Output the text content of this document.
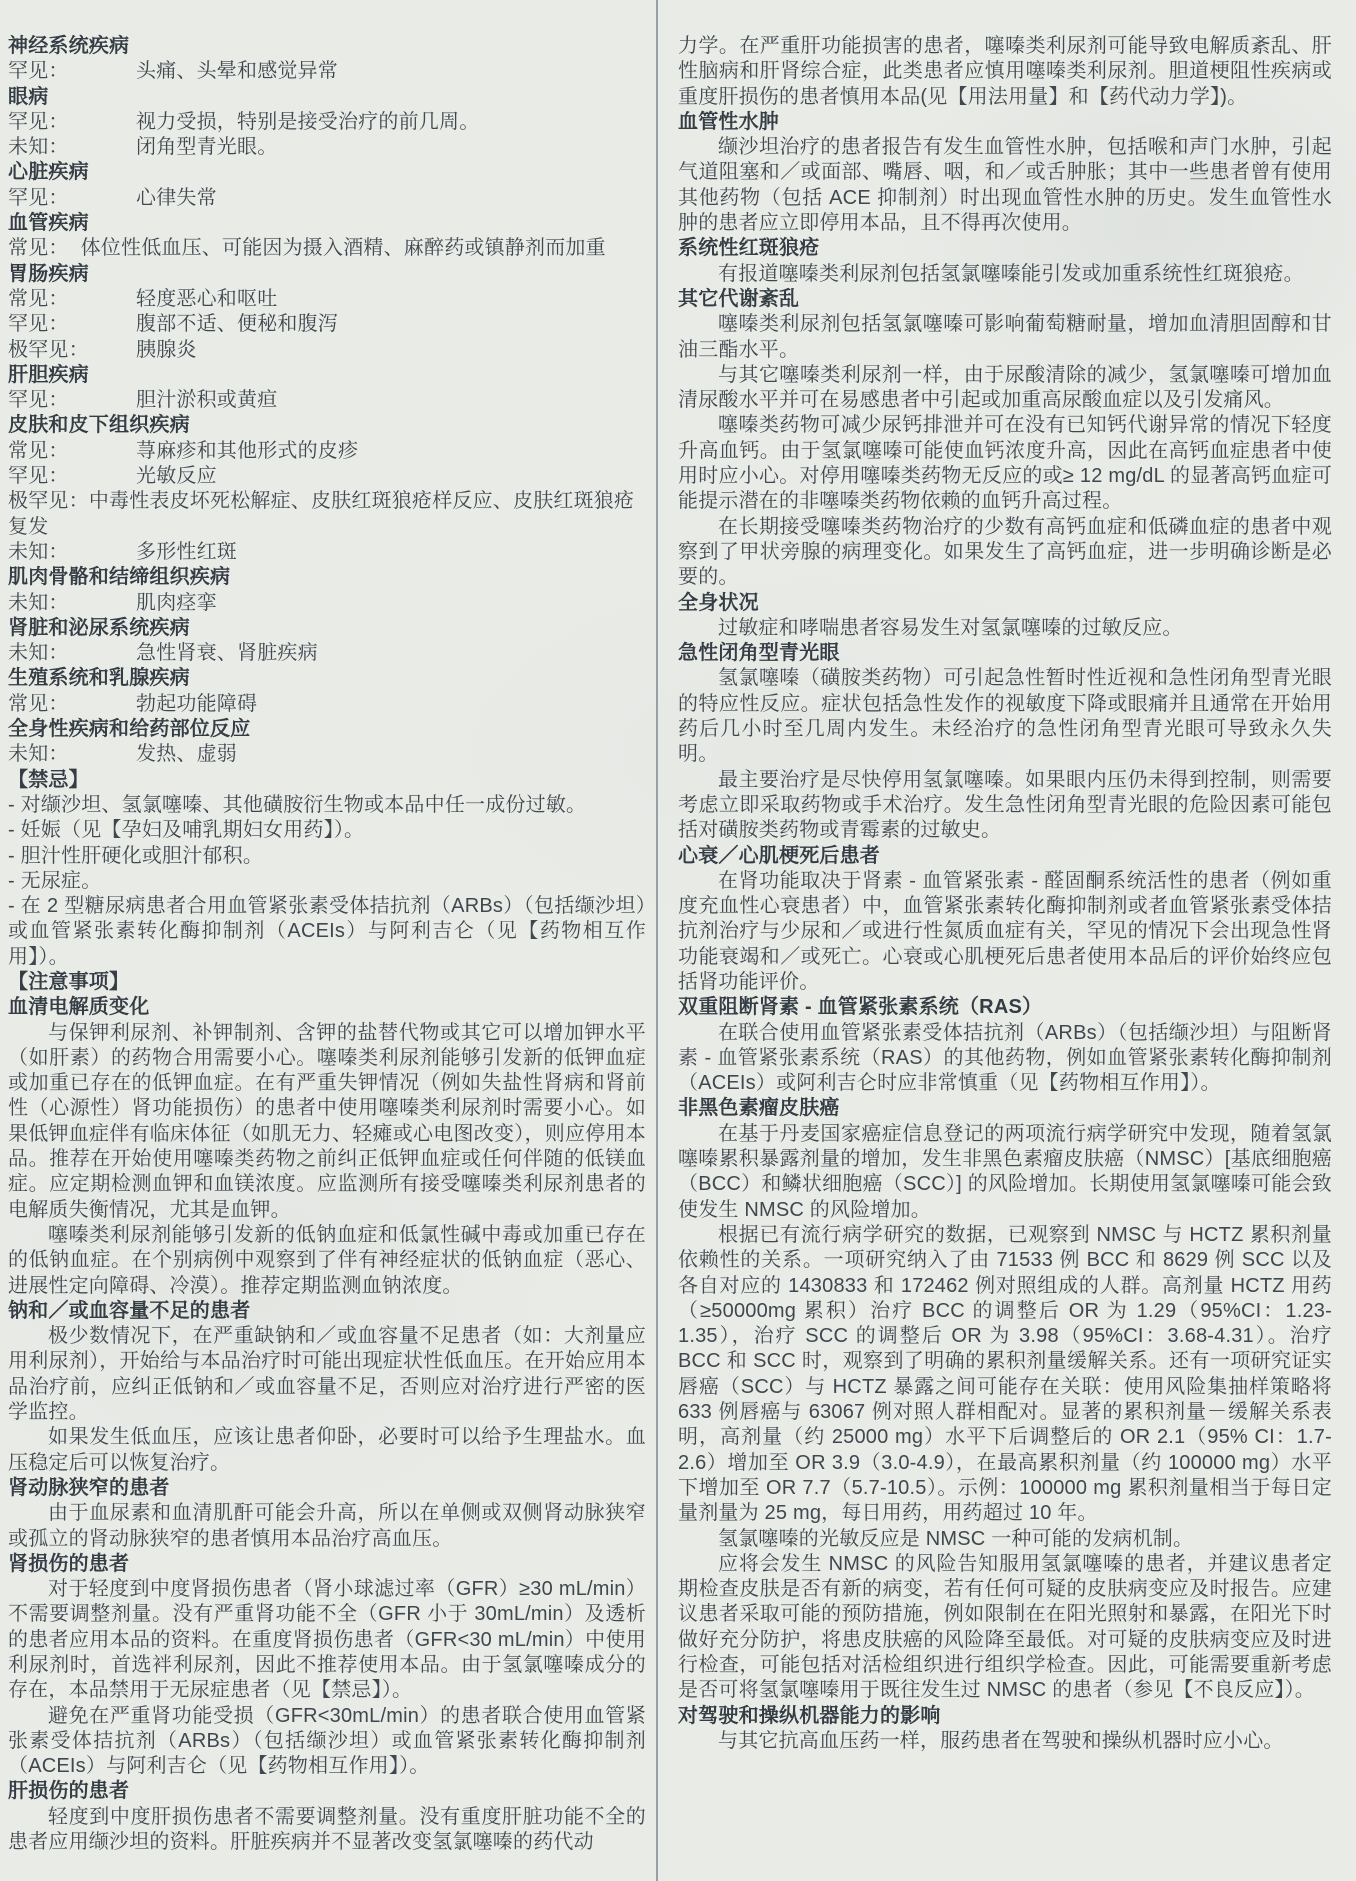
神经系统疾病
罕见：	头痛、头晕和感觉异常
眼病
罕见：	视力受损，特别是接受治疗的前几周。
未知：	闭角型青光眼。
心脏疾病
罕见：	心律失常
血管疾病
常见： 体位性低血压、可能因为摄入酒精、麻醉药或镇静剂而加重
胃肠疾病
常见：	轻度恶心和呕吐
罕见：	腹部不适、便秘和腹泻
极罕见： 胰腺炎
肝胆疾病
罕见：	胆汁淤积或黄疸
皮肤和皮下组织疾病
常见：	荨麻疹和其他形式的皮疹
罕见：	光敏反应
极罕见：中毒性表皮坏死松解症、皮肤红斑狼疮样反应、皮肤红斑狼疮复发
未知：	多形性红斑
肌肉骨骼和结缔组织疾病
未知：	肌肉痉挛
肾脏和泌尿系统疾病
未知：	急性肾衰、肾脏疾病
生殖系统和乳腺疾病
常见：	勃起功能障碍
全身性疾病和给药部位反应
未知：	发热、虚弱
【禁忌】
- 对缬沙坦、氢氯噻嗪、其他磺胺衍生物或本品中任一成份过敏。
- 妊娠（见【孕妇及哺乳期妇女用药】）。
- 胆汁性肝硬化或胆汁郁积。
- 无尿症。
- 在 2 型糖尿病患者合用血管紧张素受体拮抗剂（ARBs）（包括缬沙坦）或血管紧张素转化酶抑制剂（ACEIs）与阿利吉仑（见【药物相互作用】）。
【注意事项】
血清电解质变化
与保钾利尿剂、补钾制剂、含钾的盐替代物或其它可以增加钾水平（如肝素）的药物合用需要小心。噻嗪类利尿剂能够引发新的低钾血症或加重已存在的低钾血症。在有严重失钾情况（例如失盐性肾病和肾前性（心源性）肾功能损伤）的患者中使用噻嗪类利尿剂时需要小心。如果低钾血症伴有临床体征（如肌无力、轻瘫或心电图改变），则应停用本品。推荐在开始使用噻嗪类药物之前纠正低钾血症或任何伴随的低镁血症。应定期检测血钾和血镁浓度。应监测所有接受噻嗪类利尿剂患者的电解质失衡情况，尤其是血钾。
噻嗪类利尿剂能够引发新的低钠血症和低氯性碱中毒或加重已存在的低钠血症。在个别病例中观察到了伴有神经症状的低钠血症（恶心、进展性定向障碍、冷漠）。推荐定期监测血钠浓度。
钠和／或血容量不足的患者
极少数情况下，在严重缺钠和／或血容量不足患者（如：大剂量应用利尿剂），开始给与本品治疗时可能出现症状性低血压。在开始应用本品治疗前，应纠正低钠和／或血容量不足，否则应对治疗进行严密的医学监控。
如果发生低血压，应该让患者仰卧，必要时可以给予生理盐水。血压稳定后可以恢复治疗。
肾动脉狭窄的患者
由于血尿素和血清肌酐可能会升高，所以在单侧或双侧肾动脉狭窄或孤立的肾动脉狭窄的患者慎用本品治疗高血压。
肾损伤的患者
对于轻度到中度肾损伤患者（肾小球滤过率（GFR）≥30 mL/min）不需要调整剂量。没有严重肾功能不全（GFR 小于 30mL/min）及透析的患者应用本品的资料。在重度肾损伤患者（GFR<30 mL/min）中使用利尿剂时，首选袢利尿剂，因此不推荐使用本品。由于氢氯噻嗪成分的存在，本品禁用于无尿症患者（见【禁忌】）。
避免在严重肾功能受损（GFR<30mL/min）的患者联合使用血管紧张素受体拮抗剂（ARBs）（包括缬沙坦）或血管紧张素转化酶抑制剂（ACEIs）与阿利吉仑（见【药物相互作用】）。
肝损伤的患者
轻度到中度肝损伤患者不需要调整剂量。没有重度肝脏功能不全的患者应用缬沙坦的资料。肝脏疾病并不显著改变氢氯噻嗪的药代动
力学。在严重肝功能损害的患者，噻嗪类利尿剂可能导致电解质紊乱、肝性脑病和肝肾综合症，此类患者应慎用噻嗪类利尿剂。胆道梗阻性疾病或重度肝损伤的患者慎用本品(见【用法用量】和【药代动力学】)。
血管性水肿
缬沙坦治疗的患者报告有发生血管性水肿，包括喉和声门水肿，引起气道阻塞和／或面部、嘴唇、咽，和／或舌肿胀；其中一些患者曾有使用其他药物（包括 ACE 抑制剂）时出现血管性水肿的历史。发生血管性水肿的患者应立即停用本品，且不得再次使用。
系统性红斑狼疮
有报道噻嗪类利尿剂包括氢氯噻嗪能引发或加重系统性红斑狼疮。
其它代谢紊乱
噻嗪类利尿剂包括氢氯噻嗪可影响葡萄糖耐量，增加血清胆固醇和甘油三酯水平。
与其它噻嗪类利尿剂一样，由于尿酸清除的减少，氢氯噻嗪可增加血清尿酸水平并可在易感患者中引起或加重高尿酸血症以及引发痛风。
噻嗪类药物可减少尿钙排泄并可在没有已知钙代谢异常的情况下轻度升高血钙。由于氢氯噻嗪可能使血钙浓度升高，因此在高钙血症患者中使用时应小心。对停用噻嗪类药物无反应的或≥ 12 mg/dL 的显著高钙血症可能提示潜在的非噻嗪类药物依赖的血钙升高过程。
在长期接受噻嗪类药物治疗的少数有高钙血症和低磷血症的患者中观察到了甲状旁腺的病理变化。如果发生了高钙血症，进一步明确诊断是必要的。
全身状况
过敏症和哮喘患者容易发生对氢氯噻嗪的过敏反应。
急性闭角型青光眼
氢氯噻嗪（磺胺类药物）可引起急性暂时性近视和急性闭角型青光眼的特应性反应。症状包括急性发作的视敏度下降或眼痛并且通常在开始用药后几小时至几周内发生。未经治疗的急性闭角型青光眼可导致永久失明。
最主要治疗是尽快停用氢氯噻嗪。如果眼内压仍未得到控制，则需要考虑立即采取药物或手术治疗。发生急性闭角型青光眼的危险因素可能包括对磺胺类药物或青霉素的过敏史。
心衰／心肌梗死后患者
在肾功能取决于肾素 - 血管紧张素 - 醛固酮系统活性的患者（例如重度充血性心衰患者）中，血管紧张素转化酶抑制剂或者血管紧张素受体拮抗剂治疗与少尿和／或进行性氮质血症有关，罕见的情况下会出现急性肾功能衰竭和／或死亡。心衰或心肌梗死后患者使用本品后的评价始终应包括肾功能评价。
双重阻断肾素 - 血管紧张素系统（RAS）
在联合使用血管紧张素受体拮抗剂（ARBs）（包括缬沙坦）与阻断肾素 - 血管紧张素系统（RAS）的其他药物，例如血管紧张素转化酶抑制剂（ACEIs）或阿利吉仑时应非常慎重（见【药物相互作用】）。
非黑色素瘤皮肤癌
在基于丹麦国家癌症信息登记的两项流行病学研究中发现，随着氢氯噻嗪累积暴露剂量的增加，发生非黑色素瘤皮肤癌（NMSC）[基底细胞癌（BCC）和鳞状细胞癌（SCC）] 的风险增加。长期使用氢氯噻嗪可能会致使发生 NMSC 的风险增加。
根据已有流行病学研究的数据，已观察到 NMSC 与 HCTZ 累积剂量依赖性的关系。一项研究纳入了由 71533 例 BCC 和 8629 例 SCC 以及各自对应的 1430833 和 172462 例对照组成的人群。高剂量 HCTZ 用药（≥50000mg 累积）治疗 BCC 的调整后 OR 为 1.29（95%CI：1.23-1.35），治疗 SCC 的调整后 OR 为 3.98（95%CI：3.68-4.31）。治疗 BCC 和 SCC 时，观察到了明确的累积剂量缓解关系。还有一项研究证实唇癌（SCC）与 HCTZ 暴露之间可能存在关联：使用风险集抽样策略将 633 例唇癌与 63067 例对照人群相配对。显著的累积剂量－缓解关系表明，高剂量（约 25000 mg）水平下后调整后的 OR 2.1（95% CI：1.7-2.6）增加至 OR 3.9（3.0-4.9），在最高累积剂量（约 100000 mg）水平下增加至 OR 7.7（5.7-10.5）。示例：100000 mg 累积剂量相当于每日定量剂量为 25 mg，每日用药，用药超过 10 年。
氢氯噻嗪的光敏反应是 NMSC 一种可能的发病机制。
应将会发生 NMSC 的风险告知服用氢氯噻嗪的患者，并建议患者定期检查皮肤是否有新的病变，若有任何可疑的皮肤病变应及时报告。应建议患者采取可能的预防措施，例如限制在在阳光照射和暴露，在阳光下时做好充分防护，将患皮肤癌的风险降至最低。对可疑的皮肤病变应及时进行检查，可能包括对活检组织进行组织学检查。因此，可能需要重新考虑是否可将氢氯噻嗪用于既往发生过 NMSC 的患者（参见【不良反应】）。
对驾驶和操纵机器能力的影响
与其它抗高血压药一样，服药患者在驾驶和操纵机器时应小心。
